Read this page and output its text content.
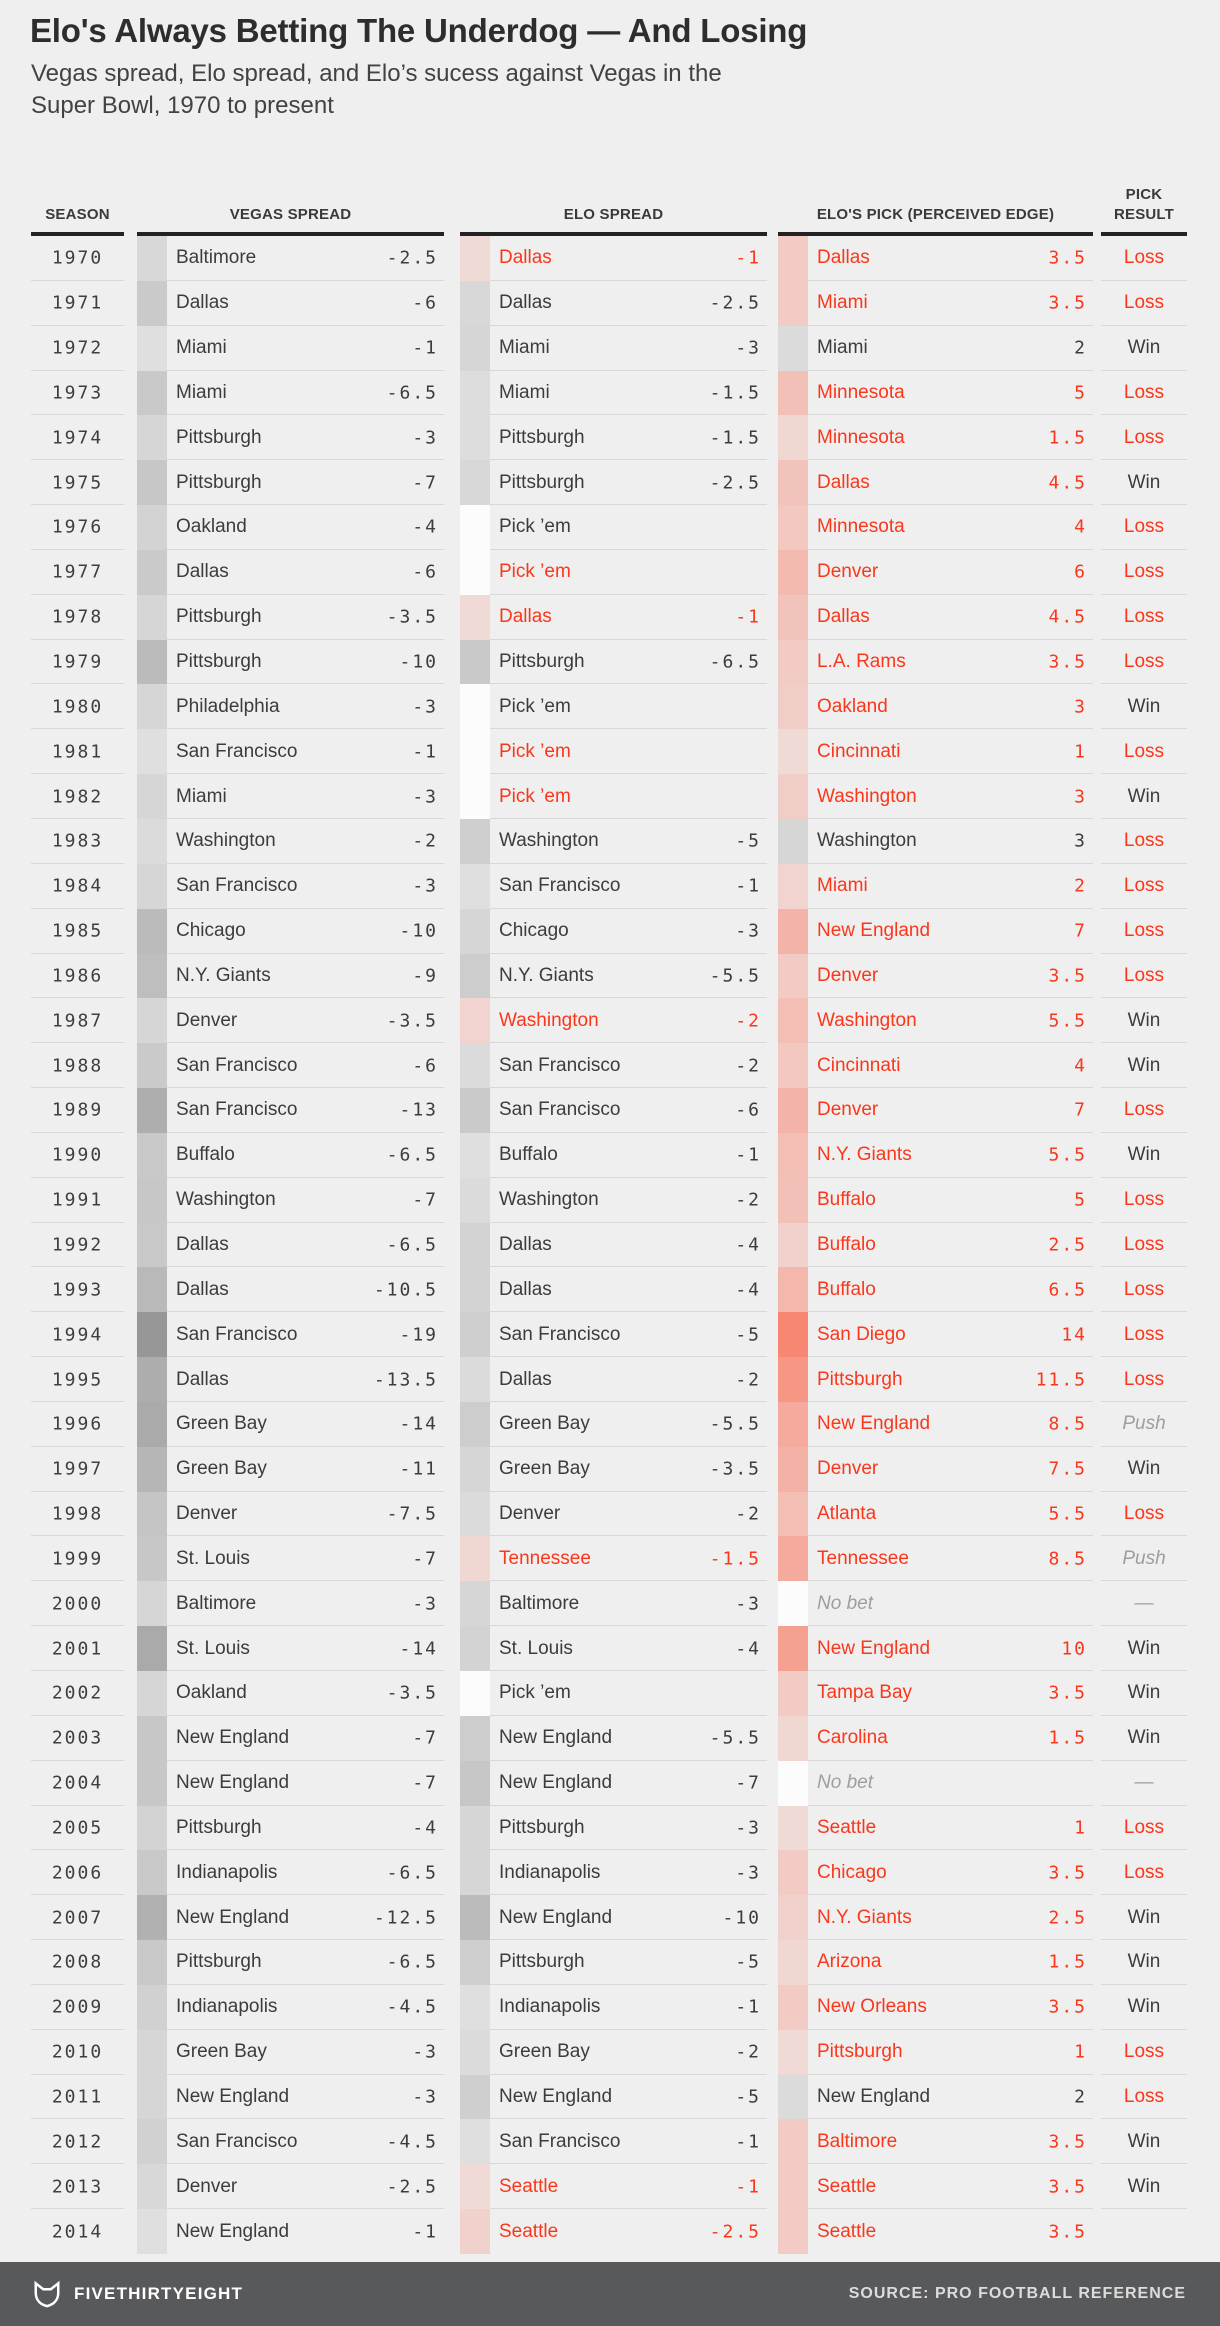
Elo's Always Betting The Underdog — And Losing
Vegas spread, Elo spread, and Elo’s sucess against Vegas in the
Super Bowl, 1970 to present
SEASON	VEGAS SPREAD	ELO SPREAD	ELO'S PICK (PERCEIVED EDGE)
PICK RESULT
1970	Baltimore	-2.5	Dallas	-1	Dallas	3.5	Loss
1971	Dallas	-6	Dallas	-2.5	Miami	3.5	Loss
1972	Miami	-1	Miami	-3	Miami	2	Win
1973	Miami	-6.5	Miami	-1.5	Minnesota	5	Loss
1974	Pittsburgh	-3	Pittsburgh	-1.5	Minnesota	1.5	Loss
1975	Pittsburgh	-7	Pittsburgh	-2.5	Dallas	4.5	Win
1976	Oakland	-4	Pick ’em	Minnesota	4	Loss
1977	Dallas	-6	Pick ’em	Denver	6	Loss
1978	Pittsburgh	-3.5	Dallas	-1	Dallas	4.5	Loss
1979	Pittsburgh	-10	Pittsburgh	-6.5	L.A. Rams	3.5	Loss
1980	Philadelphia	-3	Pick ’em	Oakland	3	Win
1981	San Francisco	-1	Pick ’em	Cincinnati	1	Loss
1982	Miami	-3	Pick ’em	Washington	3	Win
1983	Washington	-2	Washington	-5	Washington	3	Loss
1984	San Francisco	-3	San Francisco	-1	Miami	2	Loss
1985	Chicago	-10	Chicago	-3	New England	7	Loss
1986	N.Y. Giants	-9	N.Y. Giants	-5.5	Denver	3.5	Loss
1987	Denver	-3.5	Washington	-2	Washington	5.5	Win
1988	San Francisco	-6	San Francisco	-2	Cincinnati	4	Win
1989	San Francisco	-13	San Francisco	-6	Denver	7	Loss
1990	Buffalo	-6.5	Buffalo	-1	N.Y. Giants	5.5	Win
1991	Washington	-7	Washington	-2	Buffalo	5	Loss
1992	Dallas	-6.5	Dallas	-4	Buffalo	2.5	Loss
1993	Dallas	-10.5	Dallas	-4	Buffalo	6.5	Loss
1994	San Francisco	-19	San Francisco	-5	San Diego	14	Loss
1995	Dallas	-13.5	Dallas	-2	Pittsburgh	11.5	Loss
1996	Green Bay	-14	Green Bay	-5.5	New England	8.5	Push
1997	Green Bay	-11	Green Bay	-3.5	Denver	7.5	Win
1998	Denver	-7.5	Denver	-2	Atlanta	5.5	Loss
1999	St. Louis	-7	Tennessee	-1.5	Tennessee	8.5	Push
2000	Baltimore	-3	Baltimore	-3	No bet	—
2001	St. Louis	-14	St. Louis	-4	New England	10	Win
2002	Oakland	-3.5	Pick ’em	Tampa Bay	3.5	Win
2003	New England	-7	New England	-5.5	Carolina	1.5	Win
2004	New England	-7	New England	-7	No bet	—
2005	Pittsburgh	-4	Pittsburgh	-3	Seattle	1	Loss
2006	Indianapolis	-6.5	Indianapolis	-3	Chicago	3.5	Loss
2007	New England	-12.5	New England	-10	N.Y. Giants	2.5	Win
2008	Pittsburgh	-6.5	Pittsburgh	-5	Arizona	1.5	Win
2009	Indianapolis	-4.5	Indianapolis	-1	New Orleans	3.5	Win
2010	Green Bay	-3	Green Bay	-2	Pittsburgh	1	Loss
2011	New England	-3	New England	-5	New England	2	Loss
2012	San Francisco	-4.5	San Francisco	-1	Baltimore	3.5	Win
2013	Denver	-2.5	Seattle	-1	Seattle	3.5	Win
2014	New England	-1	Seattle	-2.5	Seattle	3.5
FIVETHIRTYEIGHT	SOURCE: PRO FOOTBALL REFERENCE
